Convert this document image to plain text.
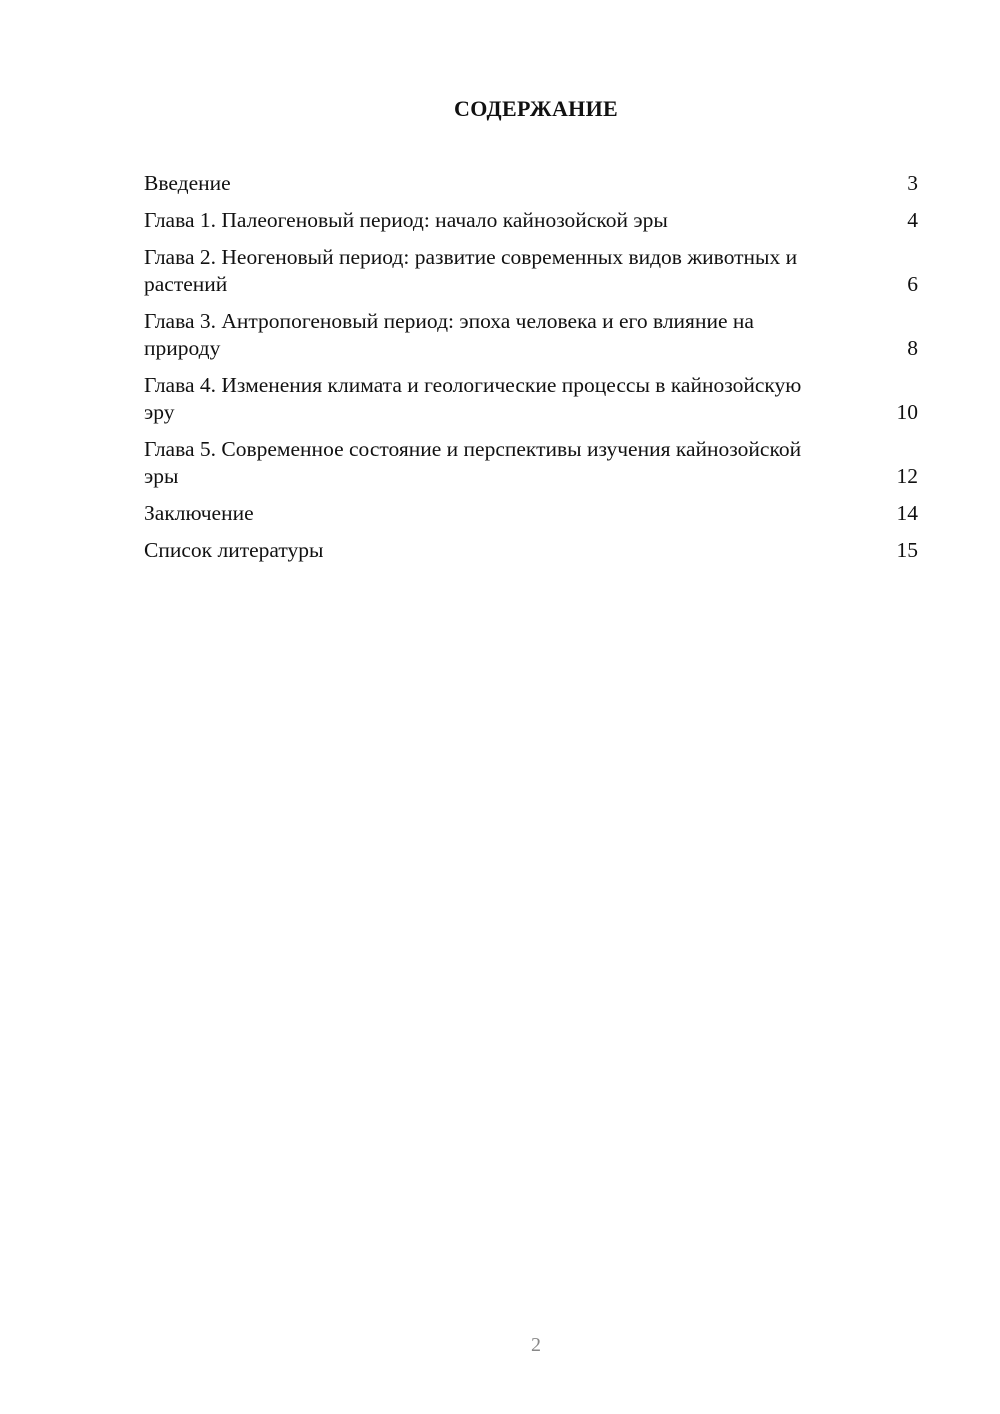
СОДЕРЖАНИЕ
Введение	3
Глава 1. Палеогеновый период: начало кайнозойской эры	4
Глава 2. Неогеновый период: развитие современных видов животных и растений	6
Глава 3. Антропогеновый период: эпоха человека и его влияние на природу	8
Глава 4. Изменения климата и геологические процессы в кайнозойскую эру	10
Глава 5. Современное состояние и перспективы изучения кайнозойской эры	12
Заключение	14
Список литературы	15
2
